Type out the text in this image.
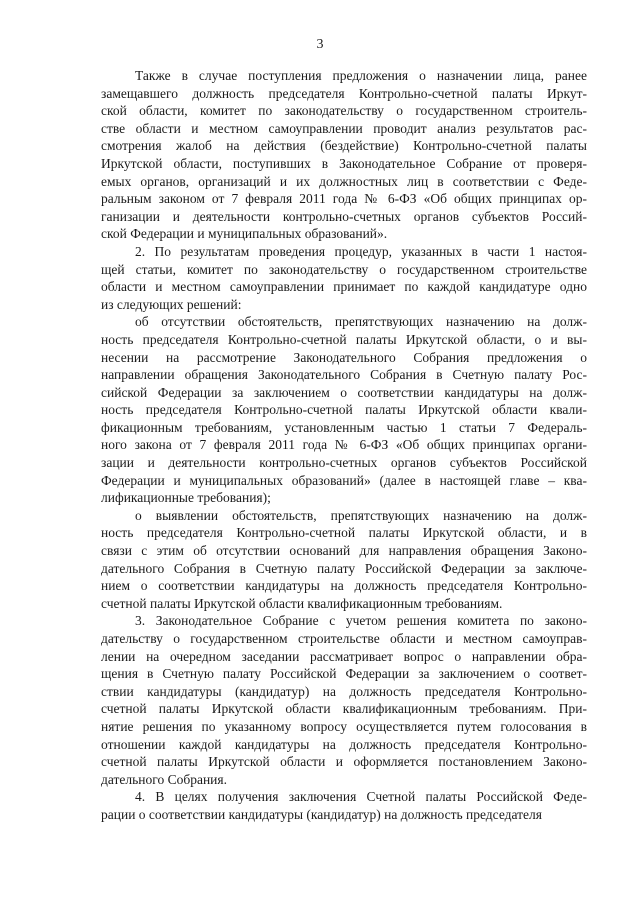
3

Также в случае поступления предложения о назначении лица, ранее
замещавшего должность председателя Контрольно-счетной палаты Иркут-
ской области, комитет по законодательству о государственном строитель-
стве области и местном самоуправлении проводит анализ результатов рас-
смотрения жалоб на действия (бездействие) Контрольно-счетной палаты
Иркутской области, поступивших в Законодательное Собрание от проверя-
емых органов, организаций и их должностных лиц в соответствии с Феде-
ральным законом от 7 февраля 2011 года № 6-ФЗ «Об общих принципах ор-
ганизации и деятельности контрольно-счетных органов субъектов Россий-
ской Федерации и муниципальных образований».

2. По результатам проведения процедур, указанных в части 1 настоя-
щей статьи, комитет по законодательству о государственном строительстве
области и местном самоуправлении принимает по каждой кандидатуре одно
из следующих решений:

об отсутствии обстоятельств, препятствующих назначению на долж-
ность председателя Контрольно-счетной палаты Иркутской области, о и вы-
несении на рассмотрение Законодательного Собрания предложения о
направлении обращения Законодательного Собрания в Счетную палату Рос-
сийской Федерации за заключением о соответствии кандидатуры на долж-
ность председателя Контрольно-счетной палаты Иркутской области квали-
фикационным требованиям, установленным частью 1 статьи 7 Федераль-
ного закона от 7 февраля 2011 года № 6-ФЗ «Об общих принципах органи-
зации и деятельности контрольно-счетных органов субъектов Российской
Федерации и муниципальных образований» (далее в настоящей главе – ква-
лификационные требования);

о выявлении обстоятельств, препятствующих назначению на долж-
ность председателя Контрольно-счетной палаты Иркутской области, и в
связи с этим об отсутствии оснований для направления обращения Законо-
дательного Собрания в Счетную палату Российской Федерации за заключе-
нием о соответствии кандидатуры на должность председателя Контрольно-
счетной палаты Иркутской области квалификационным требованиям.

3. Законодательное Собрание с учетом решения комитета по законо-
дательству о государственном строительстве области и местном самоуправ-
лении на очередном заседании рассматривает вопрос о направлении обра-
щения в Счетную палату Российской Федерации за заключением о соответ-
ствии кандидатуры (кандидатур) на должность председателя Контрольно-
счетной палаты Иркутской области квалификационным требованиям. При-
нятие решения по указанному вопросу осуществляется путем голосования в
отношении каждой кандидатуры на должность председателя Контрольно-
счетной палаты Иркутской области и оформляется постановлением Законо-
дательного Собрания.

4. В целях получения заключения Счетной палаты Российской Феде-
рации о соответствии кандидатуры (кандидатур) на должность председателя
